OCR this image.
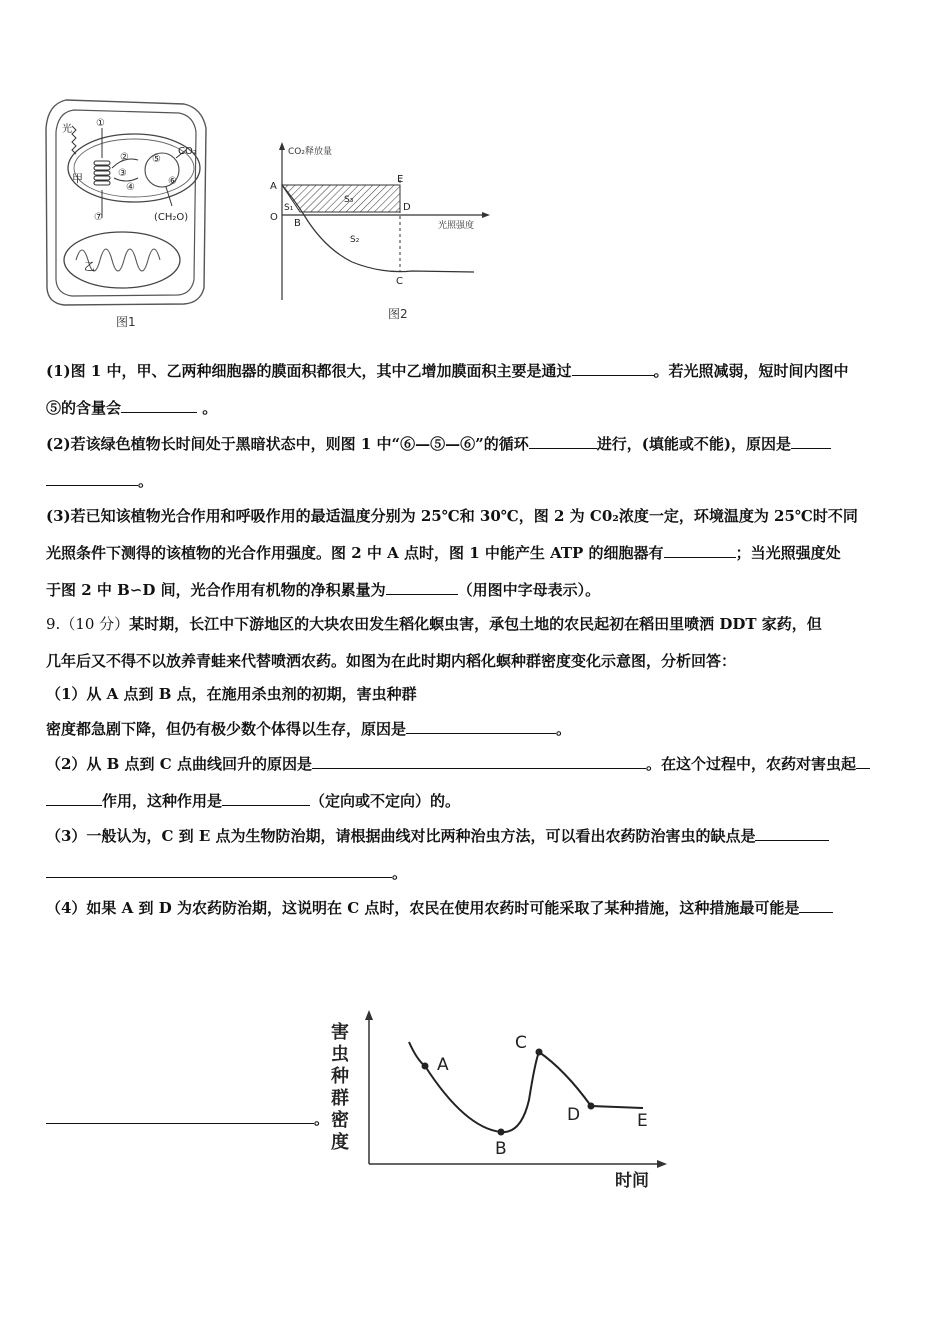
光
甲
乙
CO₂
(CH₂O)
①
②
③
④
⑤
⑥
⑦
图1
CO₂释放量
光照强度
A
O
B
C
D
E
S₁
S₂
S₃
图2
(1)图 1 中，甲、乙两种细胞器的膜面积都很大，其中乙增加膜面积主要是通过	。若光照减弱，短时间内图中
⑤的含量会	。
(2)若该绿色植物长时间处于黑暗状态中，则图 1 中“⑥—⑤—⑥”的循环	进行，(填能或不能)，原因是
。
(3)若已知该植物光合作用和呼吸作用的最适温度分别为 25℃和 30℃，图 2 为 C0₂浓度一定，环境温度为 25℃时不同
光照条件下测得的该植物的光合作用强度。图 2 中 A 点时，图 1 中能产生 ATP 的细胞器有	；当光照强度处
于图 2 中 B∽D 间，光合作用有机物的净积累量为	（用图中字母表示）。
9.（10 分）某时期，长江中下游地区的大块农田发生稻化螟虫害，承包土地的农民起初在稻田里喷洒 DDT 家药，但
几年后又不得不以放养青蛙来代替喷洒农药。如图为在此时期内稻化螟种群密度变化示意图，分析回答：
（1）从 A 点到 B 点，在施用杀虫剂的初期，害虫种群
密度都急剧下降，但仍有极少数个体得以生存，原因是	。
（2）从 B 点到 C 点曲线回升的原因是	。在这个过程中，农药对害虫起
作用，这种作用是	（定向或不定向）的。
（3）一般认为，C 到 E 点为生物防治期，请根据曲线对比两种治虫方法，可以看出农药防治害虫的缺点是
。
（4）如果 A 到 D 为农药防治期，这说明在 C 点时，农民在使用农药时可能采取了某种措施，这种措施最可能是
。
害
虫
种
群
密
度
时间
A
B
C
D	E
